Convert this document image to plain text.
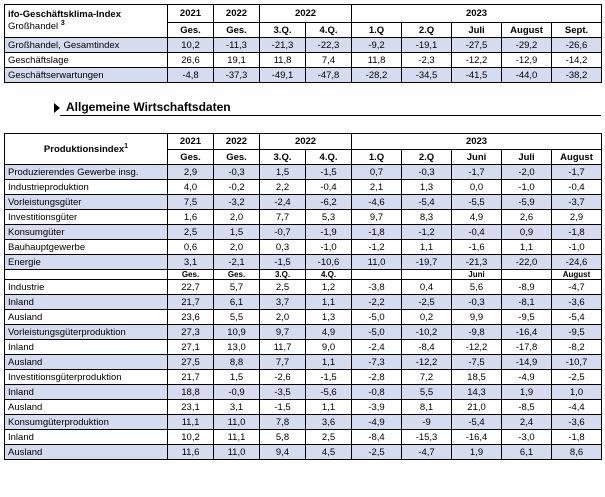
ifo-Geschäftsklima-Index
Großhandel $^3$	2021	2022	2022		2023				
	Ges.	Ges.	3.Q.	4.Q.	1.Q	2.Q	Juli	August	Sept.
Großhandel, Gesamtindex	10,2	-11,3	-21,3	-22,3	-9,2	-19,1	-27,5	-29,2	-26,6
Geschäftslage	26,6	19,1	11,8	7,4	11,8	-2,3	-12,2	-12,9	-14,2
Geschäftserwartungen	-4,8	-37,3	-49,1	-47,8	-28,2	-34,5	-41,5	-44,0	-38,2
Allgemeine Wirtschaftsdaten
Produktionsindex$^1$	2021	2022	2022		2023				
	Ges.	Ges.	3.Q.	4.Q.	1.Q	2.Q	Juni	Juli	August
Produzierendes Gewerbe insg.	2,9	-0,3	1,5	-1,5	0,7	-0,3	-1,7	-2,0	-1,7
Industrieproduktion	4,0	-0,2	2,2	-0,4	2,1	1,3	0,0	-1,0	-0,4
Vorleistungsgüter	7,5	-3,2	-2,4	-6,2	-4,6	-5,4	-5,5	-5,9	-3,7
Investitionsgüter	1,6	2,0	7,7	5,3	9,7	8,3	4,9	2,6	2,9
Konsumgüter	2,5	1,5	-0,7	-1,9	-1,8	-1,2	-0,4	0,9	-1,8
Bauhauptgewerbe	0,6	2,0	0,3	-1,0	-1,2	1,1	-1,6	1,1	-1,0
Energie	3,1	-2,1	-1,5	-10,6	11,0	-19,7	-21,3	-22,0	-24,6
	Ges.	Ges.	3.Q.	4.Q.			Juni		August
Industrie	22,7	5,7	2,5	1,2	-3,8	0,4	5,6	-8,9	-4,7
Inland	21,7	6,1	3,7	1,1	-2,2	-2,5	-0,3	-8,1	-3,6
Ausland	23,6	5,5	2,0	1,3	-5,0	0,2	9,9	-9,5	-5,4
Vorleistungsgüterproduktion	27,3	10,9	9,7	4,9	-5,0	-10,2	-9,8	-16,4	-9,5
Inland	27,1	13,0	11,7	9,0	-2,4	-8,4	-12,2	-17,8	-8,2
Ausland	27,5	8,8	7,7	1,1	-7,3	-12,2	-7,5	-14,9	-10,7
Investitionsgüterproduktion	21,7	1,5	-2,6	-1,5	-2,8	7,2	18,5	-4,9	-2,5
Inland	18,8	-0,9	-3,5	-5,6	-0,8	5,5	14,3	1,9	1,0
Ausland	23,1	3,1	-1,5	1,1	-3,9	8,1	21,0	-8,5	-4,4
Konsumgüterproduktion	11,1	11,0	7,8	3,6	-4,9	-9	-5,4	2,4	-3,6
Inland	10,2	11,1	5,8	2,5	-8,4	-15,3	-16,4	-3,0	-1,8
Ausland	11,6	11,0	9,4	4,5	-2,5	-4,7	1,9	6,1	8,6
